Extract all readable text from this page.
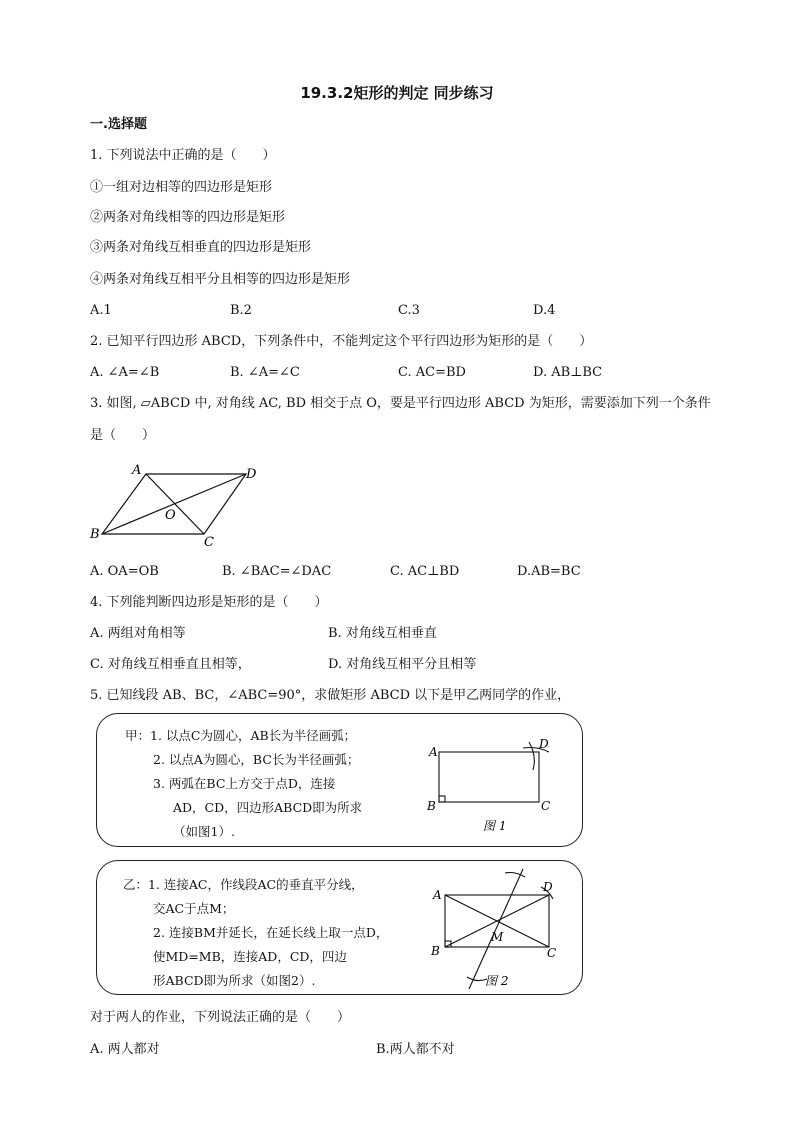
19.3.2矩形的判定 同步练习
一.选择题
1. 下列说法中正确的是（　　）
①一组对边相等的四边形是矩形
②两条对角线相等的四边形是矩形
③两条对角线互相垂直的四边形是矩形
④两条对角线互相平分且相等的四边形是矩形
A.1	B.2	C.3	D.4
2. 已知平行四边形 ABCD，下列条件中，不能判定这个平行四边形为矩形的是（　　）
A. ∠A=∠B	B. ∠A=∠C	C. AC=BD	D. AB⊥BC
3. 如图, ▱ABCD 中, 对角线 AC, BD 相交于点 O，要是平行四边形 ABCD 为矩形，需要添加下列一个条件
是（　　）
A	D
B
C
O
A. OA=OB	B. ∠BAC=∠DAC	C. AC⊥BD	D.AB=BC
4. 下列能判断四边形是矩形的是（　　）
A. 两组对角相等	B. 对角线互相垂直
C. 对角线互相垂直且相等，	D. 对角线互相平分且相等
5. 已知线段 AB、BC，∠ABC=90°，求做矩形 ABCD 以下是甲乙两同学的作业，
甲：1. 以点C为圆心，AB长为半径画弧；
2. 以点A为圆心，BC长为半径画弧；
3. 两弧在BC上方交于点D，连接
AD，CD，四边形ABCD即为所求
（如图1）.
A
D
B	C
图 1
乙：1. 连接AC，作线段AC的垂直平分线，
交AC于点M；
2. 连接BM并延长，在延长线上取一点D，
使MD=MB，连接AD，CD，四边
形ABCD即为所求（如图2）.
A
D
B	C
M
图 2
对于两人的作业，下列说法正确的是（　　）
A. 两人都对	B.两人都不对
